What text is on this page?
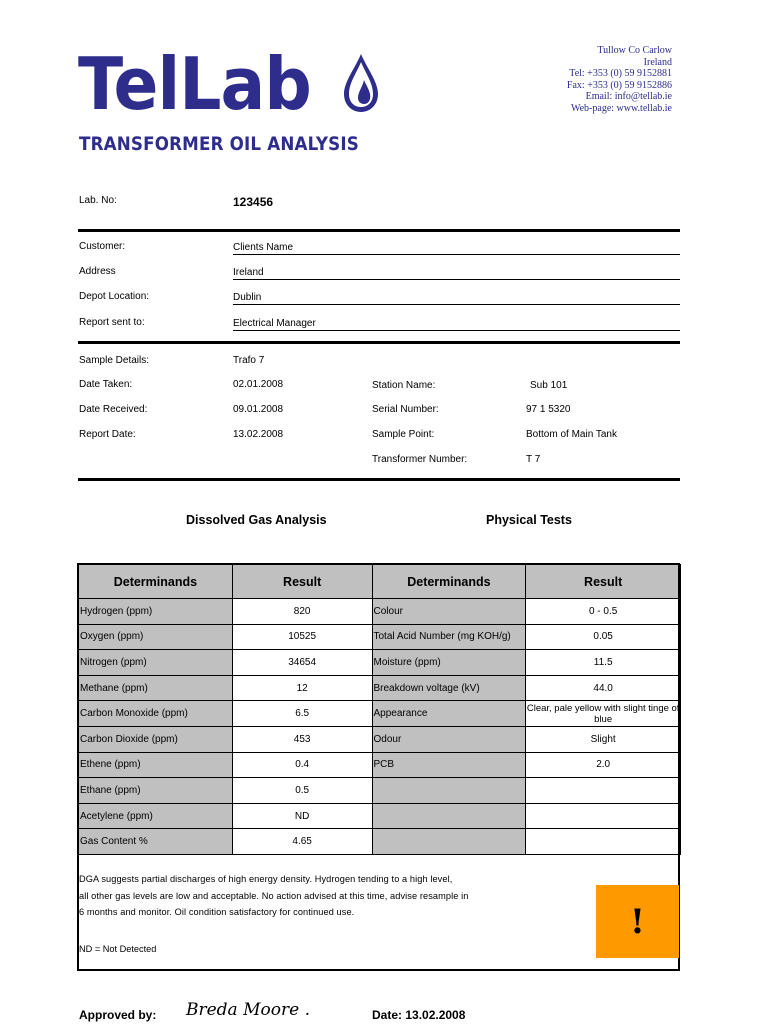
TelLab
TRANSFORMER OIL ANALYSIS
Tullow Co Carlow
Ireland
Tel: +353 (0) 59 9152881
Fax: +353 (0) 59 9152886
Email: info@tellab.ie
Web-page: www.tellab.ie
Lab. No:	123456
Customer:	Clients Name
Address	Ireland
Depot Location:	Dublin
Report sent to:	Electrical Manager
Sample Details:	Trafo 7
Date Taken:	02.01.2008
Date Received:	09.01.2008
Report Date:	13.02.2008
Station Name:	Sub 101
Serial Number:	97 1 5320
Sample Point:	Bottom of Main Tank
Transformer Number:	T 7
Dissolved Gas Analysis	Physical Tests
Determinands	Result	Determinands	Result
Hydrogen (ppm)	820	Colour	0 - 0.5
Oxygen (ppm)	10525	Total Acid Number (mg KOH/g)	0.05
Nitrogen (ppm)	34654	Moisture (ppm)	11.5
Methane (ppm)	12	Breakdown voltage (kV)	44.0
Carbon Monoxide (ppm)	6.5	Appearance	Clear, pale yellow with slight tinge of blue
Carbon Dioxide (ppm)	453	Odour	Slight
Ethene (ppm)	0.4	PCB	2.0
Ethane (ppm)	0.5		
Acetylene (ppm)	ND		
Gas Content %	4.65		
DGA suggests partial discharges of high energy density. Hydrogen tending to a high level,
all other gas levels are low and acceptable. No action advised at this time, advise resample in
6 months and monitor. Oil condition satisfactory for continued use.
ND = Not Detected
!
Approved by: Breda Moore .	Date: 13.02.2008
